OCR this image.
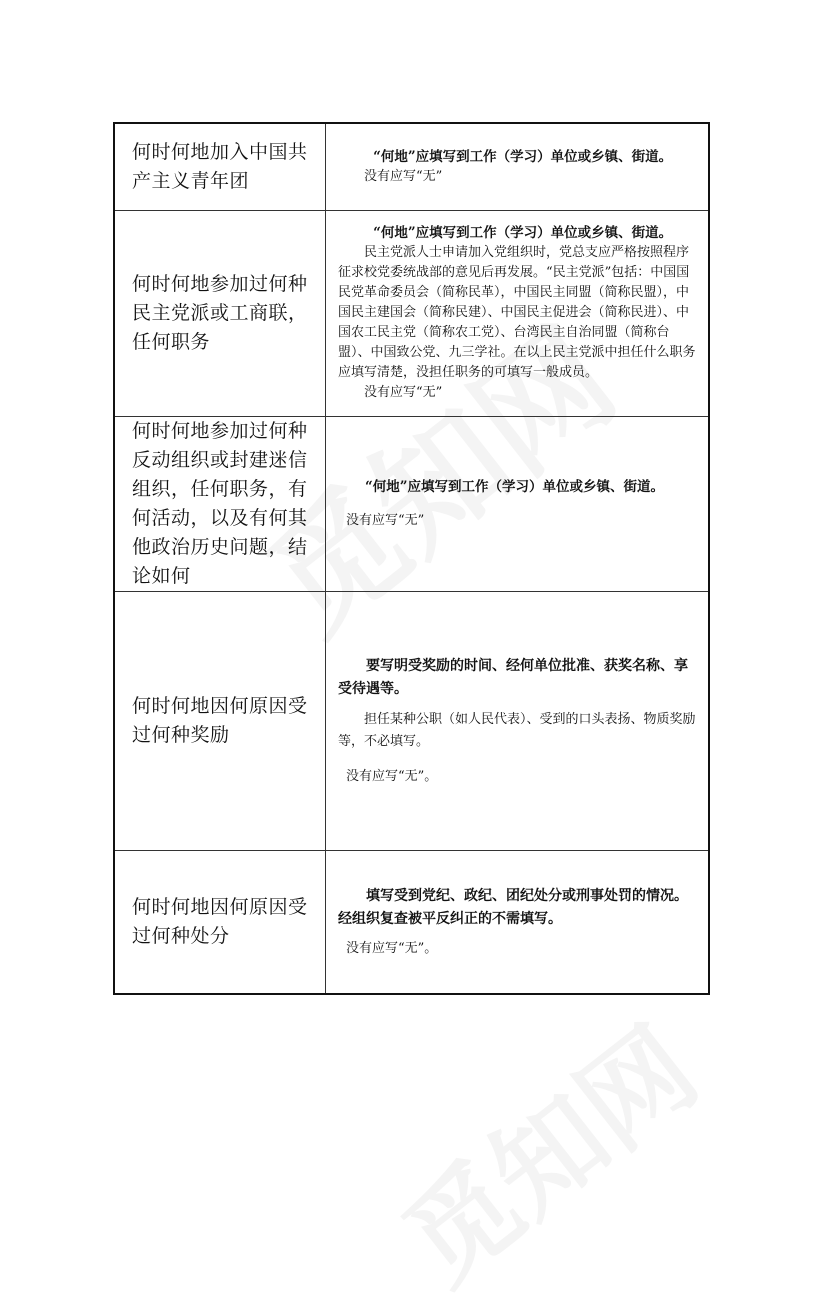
何时何地加入中国共产主义青年团	“何地”应填写到工作（学习）单位或乡镇、街道。

没有应写“无”

何时何地参加过何种民主党派或工商联，任何职务	“何地”应填写到工作（学习）单位或乡镇、街道。

民主党派人士申请加入党组织时，党总支应严格按照程序征求校党委统战部的意见后再发展。“民主党派”包括：中国国民党革命委员会（简称民革），中国民主同盟（简称民盟），中国民主建国会（简称民建）、中国民主促进会（简称民进）、中国农工民主党（简称农工党）、台湾民主自治同盟（简称台盟）、中国致公党、九三学社。在以上民主党派中担任什么职务应填写清楚，没担任职务的可填写一般成员。

没有应写“无”

何时何地参加过何种反动组织或封建迷信组织，任何职务，有何活动，以及有何其他政治历史问题，结论如何	“何地”应填写到工作（学习）单位或乡镇、街道。

没有应写“无”

何时何地因何原因受过何种奖励	要写明受奖励的时间、经何单位批准、获奖名称、享受待遇等。

担任某种公职（如人民代表）、受到的口头表扬、物质奖励等，不必填写。

没有应写“无”。

何时何地因何原因受过何种处分	填写受到党纪、政纪、团纪处分或刑事处罚的情况。经组织复查被平反纠正的不需填写。

没有应写“无”。
